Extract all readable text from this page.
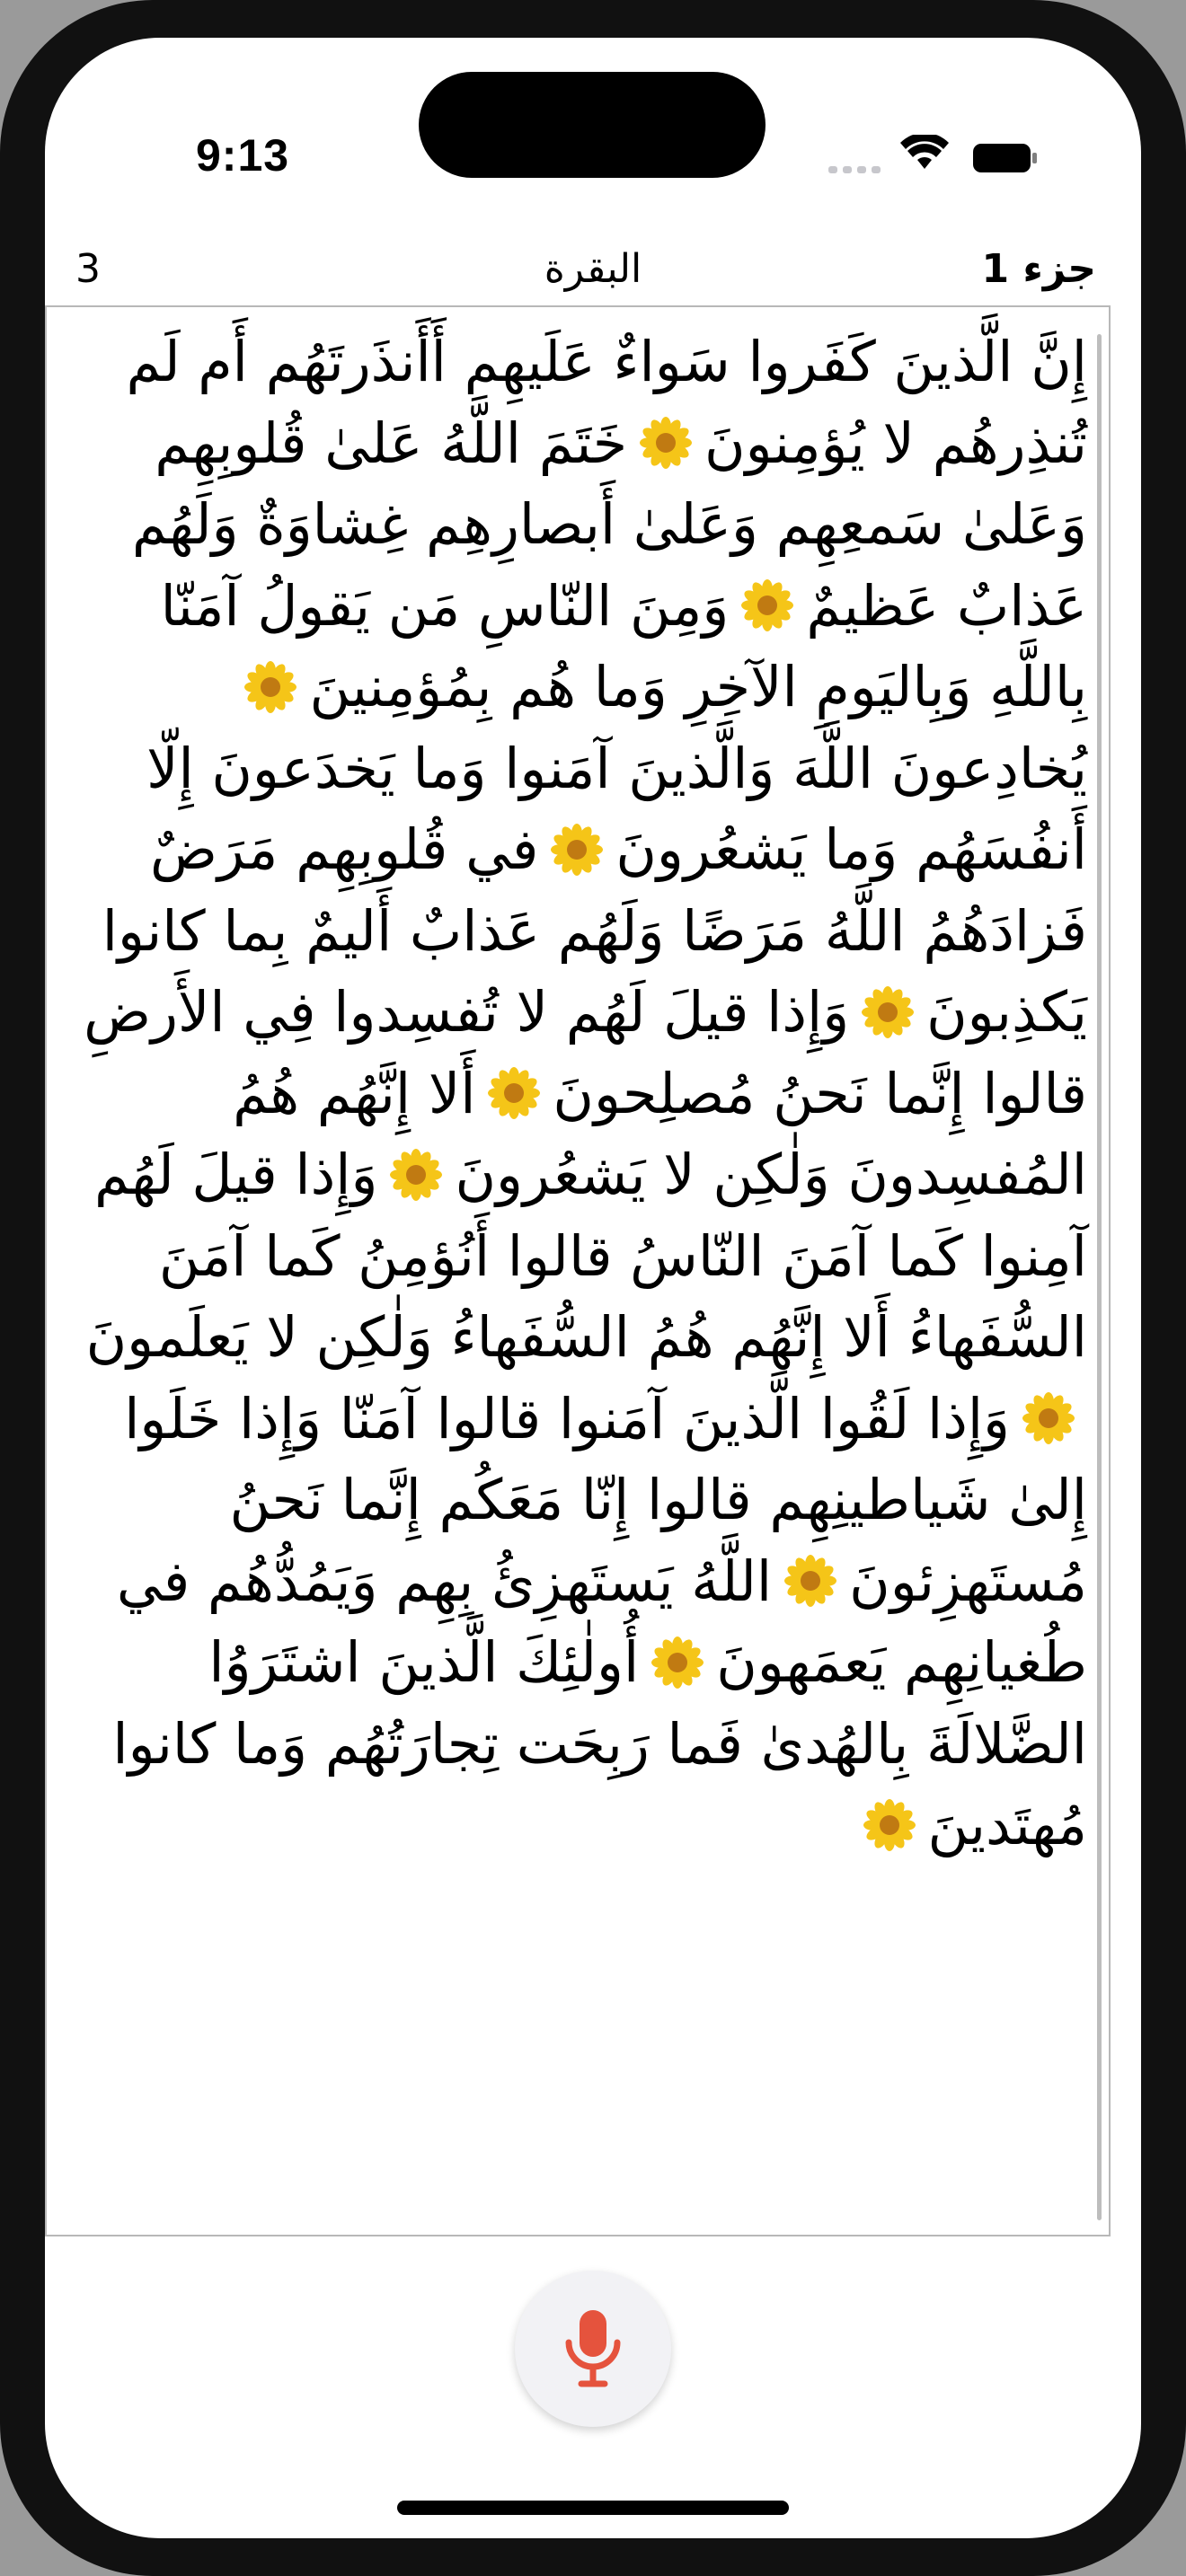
9:13
3	البقرة	جزء 1
إِنَّ الَّذينَ كَفَروا سَواءٌ عَلَيهِم أَأَنذَرتَهُم أَم لَم تُنذِرهُم لا يُؤمِنونَخَتَمَ اللَّهُ عَلىٰ قُلوبِهِم وَعَلىٰ سَمعِهِم وَعَلىٰ أَبصارِهِم غِشاوَةٌ وَلَهُم عَذابٌ عَظيمٌوَمِنَ النّاسِ مَن يَقولُ آمَنّا بِاللَّهِ وَبِاليَومِ الآخِرِ وَما هُم بِمُؤمِنينَيُخادِعونَ اللَّهَ وَالَّذينَ آمَنوا وَما يَخدَعونَ إِلّا أَنفُسَهُم وَما يَشعُرونَفي قُلوبِهِم مَرَضٌ فَزادَهُمُ اللَّهُ مَرَضًا وَلَهُم عَذابٌ أَليمٌ بِما كانوا يَكذِبونَوَإِذا قيلَ لَهُم لا تُفسِدوا فِي الأَرضِ قالوا إِنَّما نَحنُ مُصلِحونَأَلا إِنَّهُم هُمُ المُفسِدونَ وَلٰكِن لا يَشعُرونَوَإِذا قيلَ لَهُم آمِنوا كَما آمَنَ النّاسُ قالوا أَنُؤمِنُ كَما آمَنَ السُّفَهاءُ أَلا إِنَّهُم هُمُ السُّفَهاءُ وَلٰكِن لا يَعلَمونَوَإِذا لَقُوا الَّذينَ آمَنوا قالوا آمَنّا وَإِذا خَلَوا إِلىٰ شَياطينِهِم قالوا إِنّا مَعَكُم إِنَّما نَحنُ مُستَهزِئونَاللَّهُ يَستَهزِئُ بِهِم وَيَمُدُّهُم في طُغيانِهِم يَعمَهونَأُولٰئِكَ الَّذينَ اشتَرَوُا الضَّلالَةَ بِالهُدىٰ فَما رَبِحَت تِجارَتُهُم وَما كانوا مُهتَدينَ
